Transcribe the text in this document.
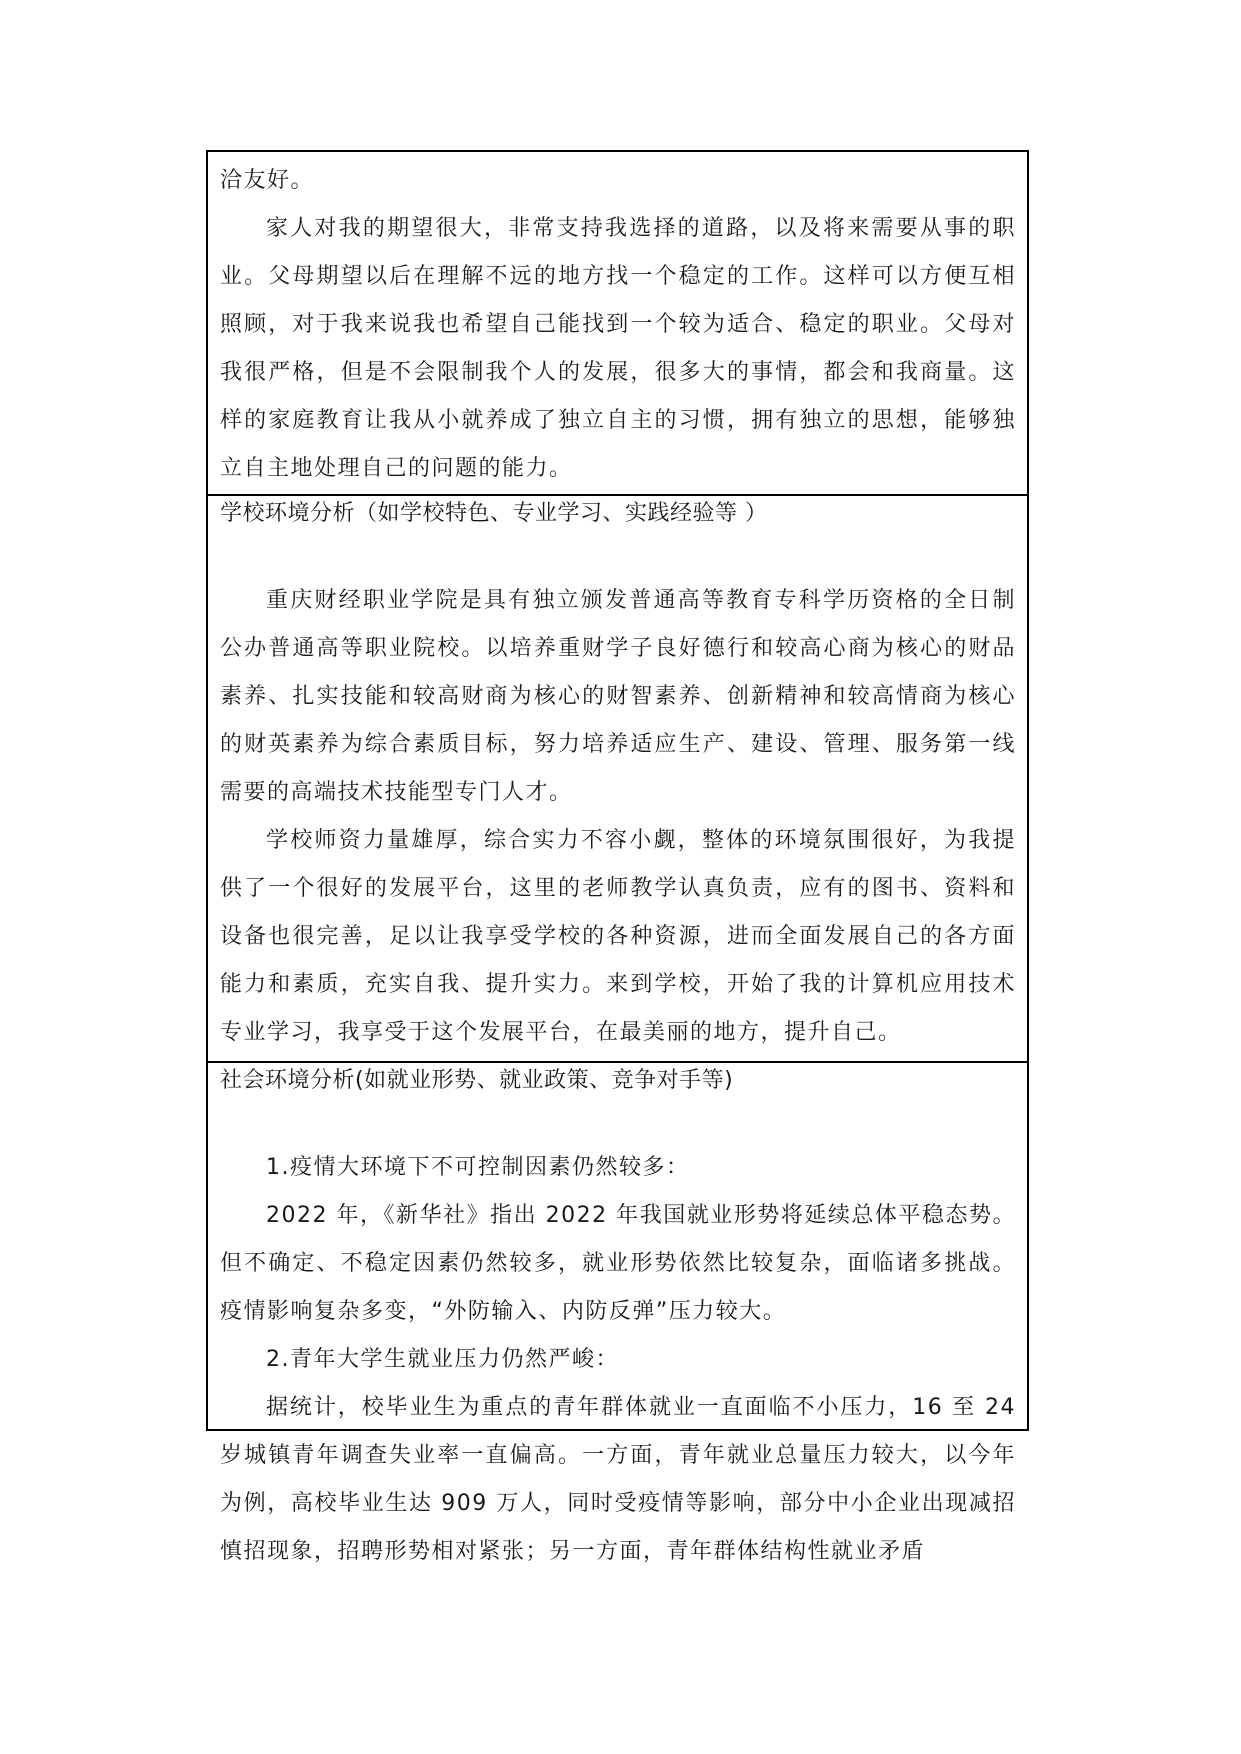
洽友好。

家人对我的期望很大，非常支持我选择的道路，以及将来需要从事的职业。父母期望以后在理解不远的地方找一个稳定的工作。这样可以方便互相照顾，对于我来说我也希望自己能找到一个较为适合、稳定的职业。父母对我很严格，但是不会限制我个人的发展，很多大的事情，都会和我商量。这样的家庭教育让我从小就养成了独立自主的习惯，拥有独立的思想，能够独立自主地处理自己的问题的能力。

学校环境分析（如学校特色、专业学习、实践经验等 ）

重庆财经职业学院是具有独立颁发普通高等教育专科学历资格的全日制公办普通高等职业院校。以培养重财学子良好德行和较高心商为核心的财品素养、扎实技能和较高财商为核心的财智素养、创新精神和较高情商为核心的财英素养为综合素质目标，努力培养适应生产、建设、管理、服务第一线需要的高端技术技能型专门人才。

学校师资力量雄厚，综合实力不容小觑，整体的环境氛围很好，为我提供了一个很好的发展平台，这里的老师教学认真负责，应有的图书、资料和设备也很完善，足以让我享受学校的各种资源，进而全面发展自己的各方面能力和素质，充实自我、提升实力。来到学校，开始了我的计算机应用技术专业学习，我享受于这个发展平台，在最美丽的地方，提升自己。

社会环境分析(如就业形势、就业政策、竞争对手等)

1.疫情大环境下不可控制因素仍然较多：

2022 年，《新华社》指出 2022 年我国就业形势将延续总体平稳态势。但不确定、不稳定因素仍然较多，就业形势依然比较复杂，面临诸多挑战。疫情影响复杂多变，“外防输入、内防反弹”压力较大。

2.青年大学生就业压力仍然严峻：

据统计，校毕业生为重点的青年群体就业一直面临不小压力，16 至 24 岁城镇青年调查失业率一直偏高。一方面，青年就业总量压力较大，以今年为例，高校毕业生达 909 万人，同时受疫情等影响，部分中小企业出现减招慎招现象，招聘形势相对紧张；另一方面，青年群体结构性就业矛盾
